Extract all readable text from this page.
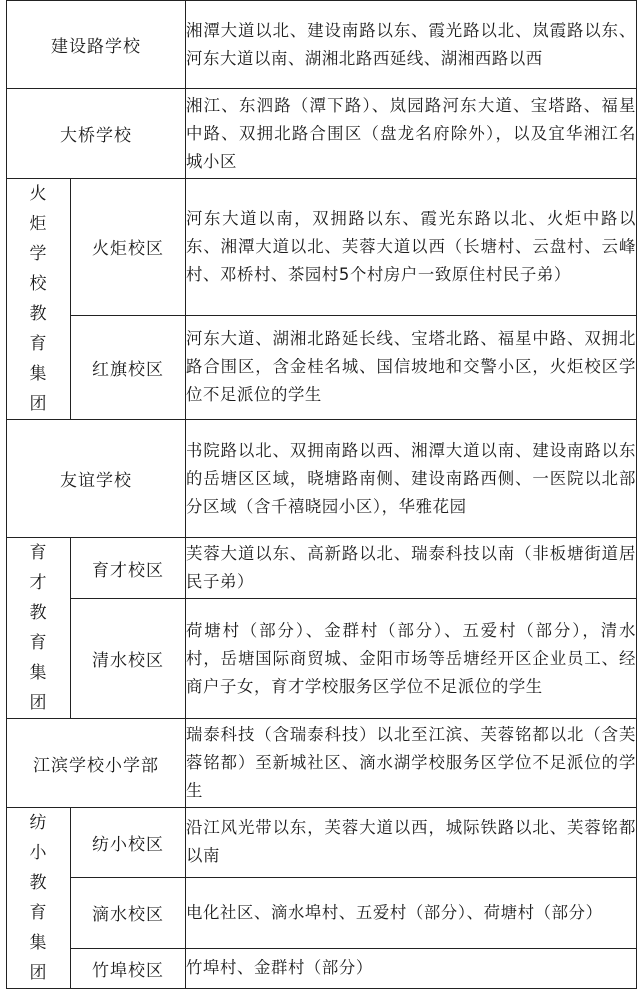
建设路学校		湘潭大道以北、建设南路以东、霞光路以北、岚霞路以东、河东大道以南、湖湘北路西延线、湖湘西路以西
大桥学校		湘江、东泗路（潭下路）、岚园路河东大道、宝塔路、福星中路、双拥北路合围区（盘龙名府除外），以及宜华湘江名城小区

火炬学校教育集团	火炬校区	河东大道以南，双拥路以东、霞光东路以北、火炬中路以东、湘潭大道以北、芙蓉大道以西（长塘村、云盘村、云峰村、邓桥村、茶园村5个村房户一致原住村民子弟）
	红旗校区	河东大道、湖湘北路延长线、宝塔北路、福星中路、双拥北路合围区，含金桂名城、国信坡地和交警小区，火炬校区学位不足派位的学生
友谊学校		书院路以北、双拥南路以西、湘潭大道以南、建设南路以东的岳塘区区域，晓塘路南侧、建设南路西侧、一医院以北部分区域（含千禧晓园小区），华雅花园

育才教育集团	育才校区	芙蓉大道以东、高新路以北、瑞泰科技以南（非板塘街道居民子弟）
	清水校区	荷塘村（部分）、金群村（部分）、五爱村（部分），清水村，岳塘国际商贸城、金阳市场等岳塘经开区企业员工、经商户子女，育才学校服务区学位不足派位的学生
江滨学校小学部		瑞泰科技（含瑞泰科技）以北至江滨、芙蓉铭都以北（含芙蓉铭都）至新城社区、滴水湖学校服务区学位不足派位的学生

纺小教育集团	纺小校区	沿江风光带以东，芙蓉大道以西，城际铁路以北、芙蓉铭都以南
	滴水校区	电化社区、滴水埠村、五爱村（部分）、荷塘村（部分）
	竹埠校区	竹埠村、金群村（部分）
